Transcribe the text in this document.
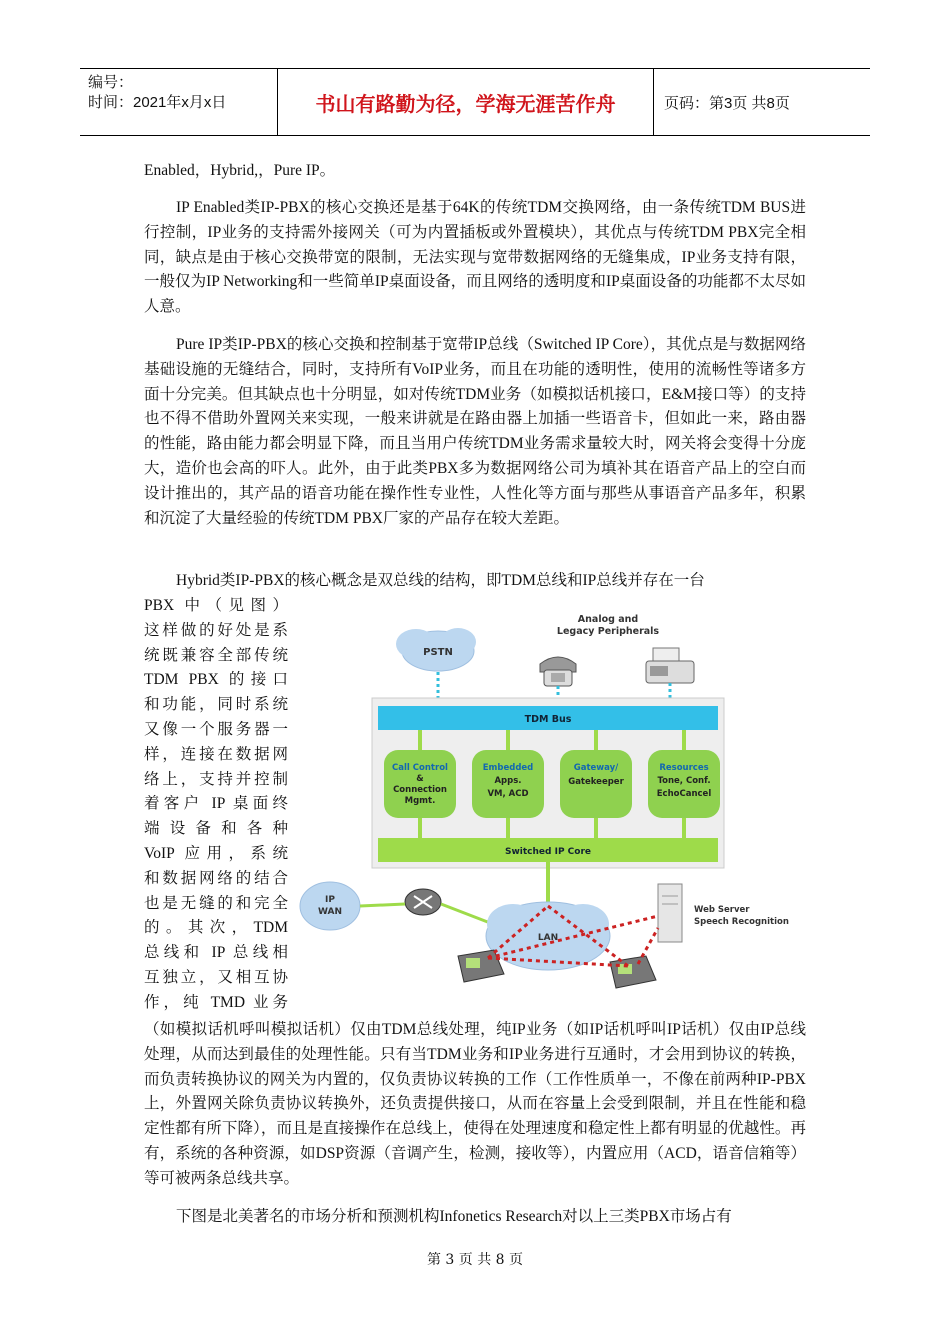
编号：
时间：2021年x月x日	书山有路勤为径，学海无涯苦作舟	页码：第3页 共8页

Enabled，Hybrid,，Pure IP。

IP Enabled类IP-PBX的核心交换还是基于64K的传统TDM交换网络，由一条传统TDM BUS进行控制，IP业务的支持需外接网关（可为内置插板或外置模块），其优点与传统TDM PBX完全相同，缺点是由于核心交换带宽的限制，无法实现与宽带数据网络的无缝集成，IP业务支持有限，一般仅为IP Networking和一些简单IP桌面设备，而且网络的透明度和IP桌面设备的功能都不太尽如人意。

Pure IP类IP-PBX的核心交换和控制基于宽带IP总线（Switched IP Core），其优点是与数据网络基础设施的无缝结合，同时，支持所有VoIP业务，而且在功能的透明性，使用的流畅性等诸多方面十分完美。但其缺点也十分明显，如对传统TDM业务（如模拟话机接口，E&M接口等）的支持也不得不借助外置网关来实现，一般来讲就是在路由器上加插一些语音卡，但如此一来，路由器的性能，路由能力都会明显下降，而且当用户传统TDM业务需求量较大时，网关将会变得十分庞大，造价也会高的吓人。此外，由于此类PBX多为数据网络公司为填补其在语音产品上的空白而设计推出的，其产品的语音功能在操作性专业性，人性化等方面与那些从事语音产品多年，积累和沉淀了大量经验的传统TDM PBX厂家的产品存在较大差距。

Hybrid类IP-PBX的核心概念是双总线的结构，即TDM总线和IP总线并存在一台

PBX 中（见图）
这样做的好处是系
统既兼容全部传统
TDM PBX 的接口
和功能，同时系统
又像一个服务器一
样，连接在数据网
络上，支持并控制
着客户 IP 桌面终
端设备和各种
VoIP 应用，系统
和数据网络的结合
也是无缝的和完全
的。其次，TDM
总线和 IP 总线相
互独立，又相互协
作，纯 TMD 业务

（如模拟话机呼叫模拟话机）仅由TDM总线处理，纯IP业务（如IP话机呼叫IP话机）仅由IP总线处理，从而达到最佳的处理性能。只有当TDM业务和IP业务进行互通时，才会用到协议的转换，而负责转换协议的网关为内置的，仅负责协议转换的工作（工作性质单一，不像在前两种IP-PBX上，外置网关除负责协议转换外，还负责提供接口，从而在容量上会受到限制，并且在性能和稳定性都有所下降），而且是直接操作在总线上，使得在处理速度和稳定性上都有明显的优越性。再有，系统的各种资源，如DSP资源（音调产生，检测，接收等），内置应用（ACD，语音信箱等）等可被两条总线共享。

下图是北美著名的市场分析和预测机构Infonetics Research对以上三类PBX市场占有

PSTN
Analog and
Legacy Peripherals
TDM Bus
Call Control
&
Connection
Mgmt.
Embedded
Apps.
VM, ACD
Gateway/
Gatekeeper
Resources
Tone, Conf.
EchoCancel
Switched IP Core
IP
WAN
LAN
Web Server
Speech Recognition
第 3 页 共 8 页
